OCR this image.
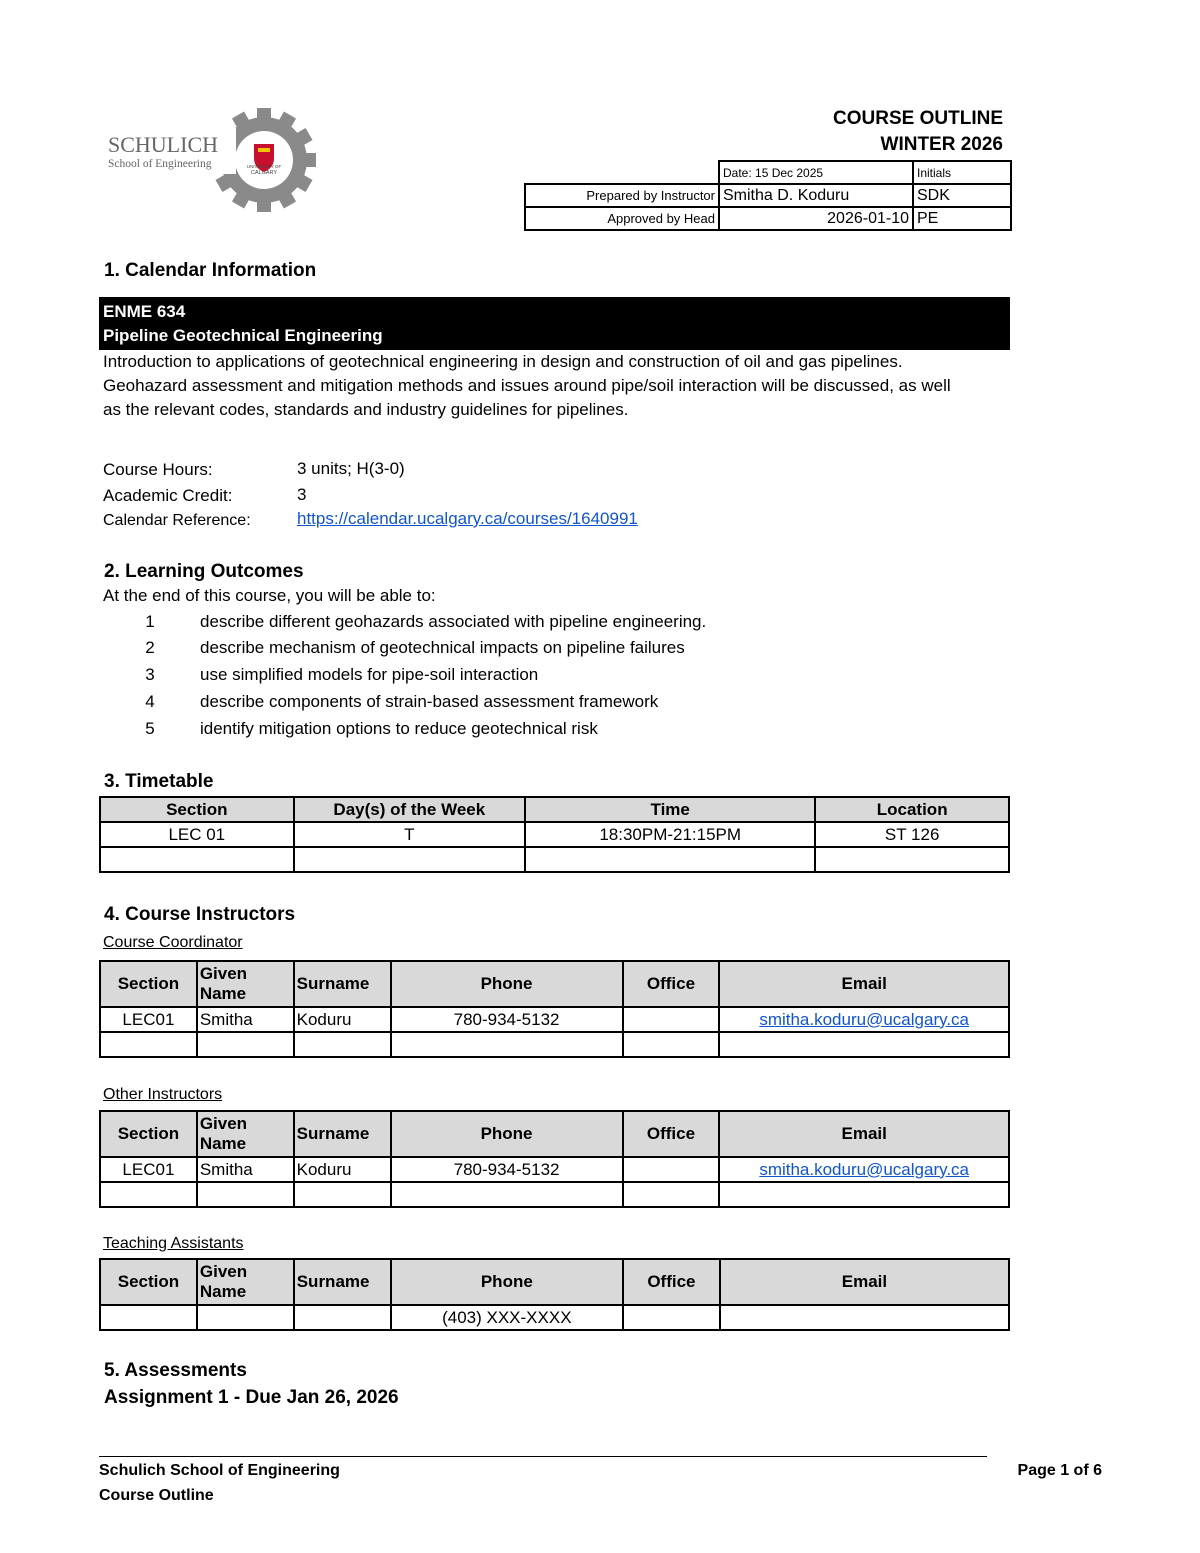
SCHULICH
School of Engineering	UNIVERSITY OF
CALGARY
COURSE OUTLINE
WINTER 2026
	Date: 15 Dec 2025	Initials
Prepared by Instructor	Smitha D. Koduru	SDK
Approved by Head	2026-01-10	PE
1. Calendar Information
ENME 634
Pipeline Geotechnical Engineering
Introduction to applications of geotechnical engineering in design and construction of oil and gas pipelines. Geohazard assessment and mitigation methods and issues around pipe/soil interaction will be discussed, as well as the relevant codes, standards and industry guidelines for pipelines.
Course Hours:	3 units; H(3-0)
Academic Credit:	3
Calendar Reference:	https://calendar.ucalgary.ca/courses/1640991
2. Learning Outcomes
At the end of this course, you will be able to:
1	describe different geohazards associated with pipeline engineering.
2	describe mechanism of geotechnical impacts on pipeline failures
3	use simplified models for pipe-soil interaction
4	describe components of strain-based assessment framework
5	identify mitigation options to reduce geotechnical risk
3. Timetable
Section	Day(s) of the Week	Time	Location
LEC 01	T	18:30PM-21:15PM	ST 126

4. Course Instructors
Course Coordinator
Section	Given Name	Surname	Phone	Office	Email
LEC01	Smitha	Koduru	780-934-5132		smitha.koduru@ucalgary.ca

Other Instructors
Section	Given Name	Surname	Phone	Office	Email
LEC01	Smitha	Koduru	780-934-5132		smitha.koduru@ucalgary.ca

Teaching Assistants
Section	Given Name	Surname	Phone	Office	Email
			(403) XXX-XXXX		
5. Assessments
Assignment 1 - Due Jan 26, 2026
Schulich School of Engineering
Course Outline
Page 1 of 6
